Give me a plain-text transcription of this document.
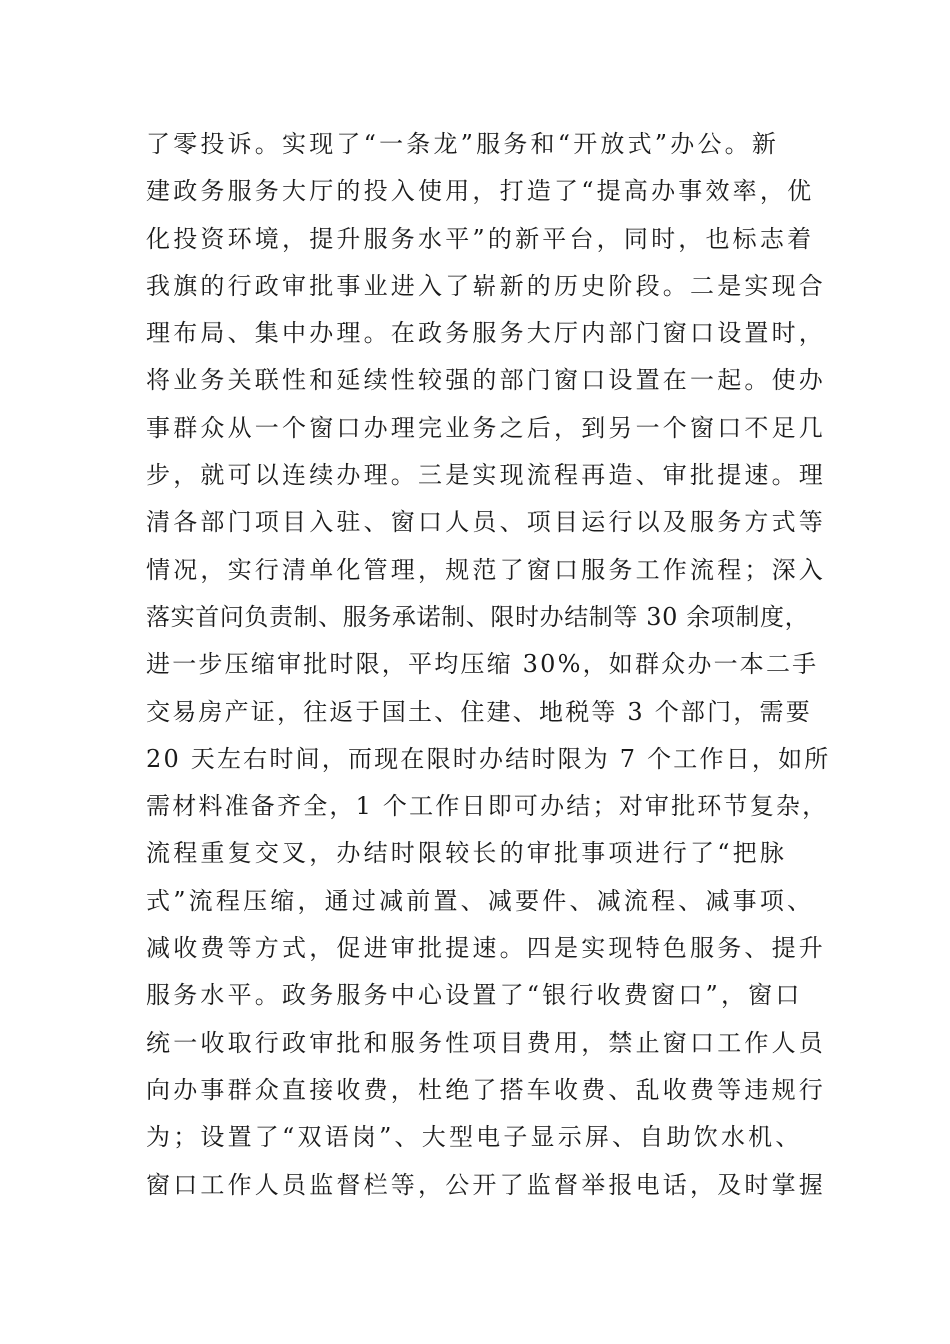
了零投诉。实现了“一条龙”服务和“开放式”办公。新
建政务服务大厅的投入使用，打造了“提高办事效率，优
化投资环境，提升服务水平”的新平台，同时，也标志着
我旗的行政审批事业进入了崭新的历史阶段。二是实现合
理布局、集中办理。在政务服务大厅内部门窗口设置时，
将业务关联性和延续性较强的部门窗口设置在一起。使办
事群众从一个窗口办理完业务之后，到另一个窗口不足几
步，就可以连续办理。三是实现流程再造、审批提速。理
清各部门项目入驻、窗口人员、项目运行以及服务方式等
情况，实行清单化管理，规范了窗口服务工作流程；深入
落实首问负责制、服务承诺制、限时办结制等 30 余项制度，
进一步压缩审批时限，平均压缩 30%，如群众办一本二手
交易房产证，往返于国土、住建、地税等 3 个部门，需要
20 天左右时间，而现在限时办结时限为 7 个工作日，如所
需材料准备齐全，1 个工作日即可办结；对审批环节复杂，
流程重复交叉，办结时限较长的审批事项进行了“把脉
式”流程压缩，通过减前置、减要件、减流程、减事项、
减收费等方式，促进审批提速。四是实现特色服务、提升
服务水平。政务服务中心设置了“银行收费窗口”，窗口
统一收取行政审批和服务性项目费用，禁止窗口工作人员
向办事群众直接收费，杜绝了搭车收费、乱收费等违规行
为；设置了“双语岗”、大型电子显示屏、自助饮水机、
窗口工作人员监督栏等，公开了监督举报电话，及时掌握
